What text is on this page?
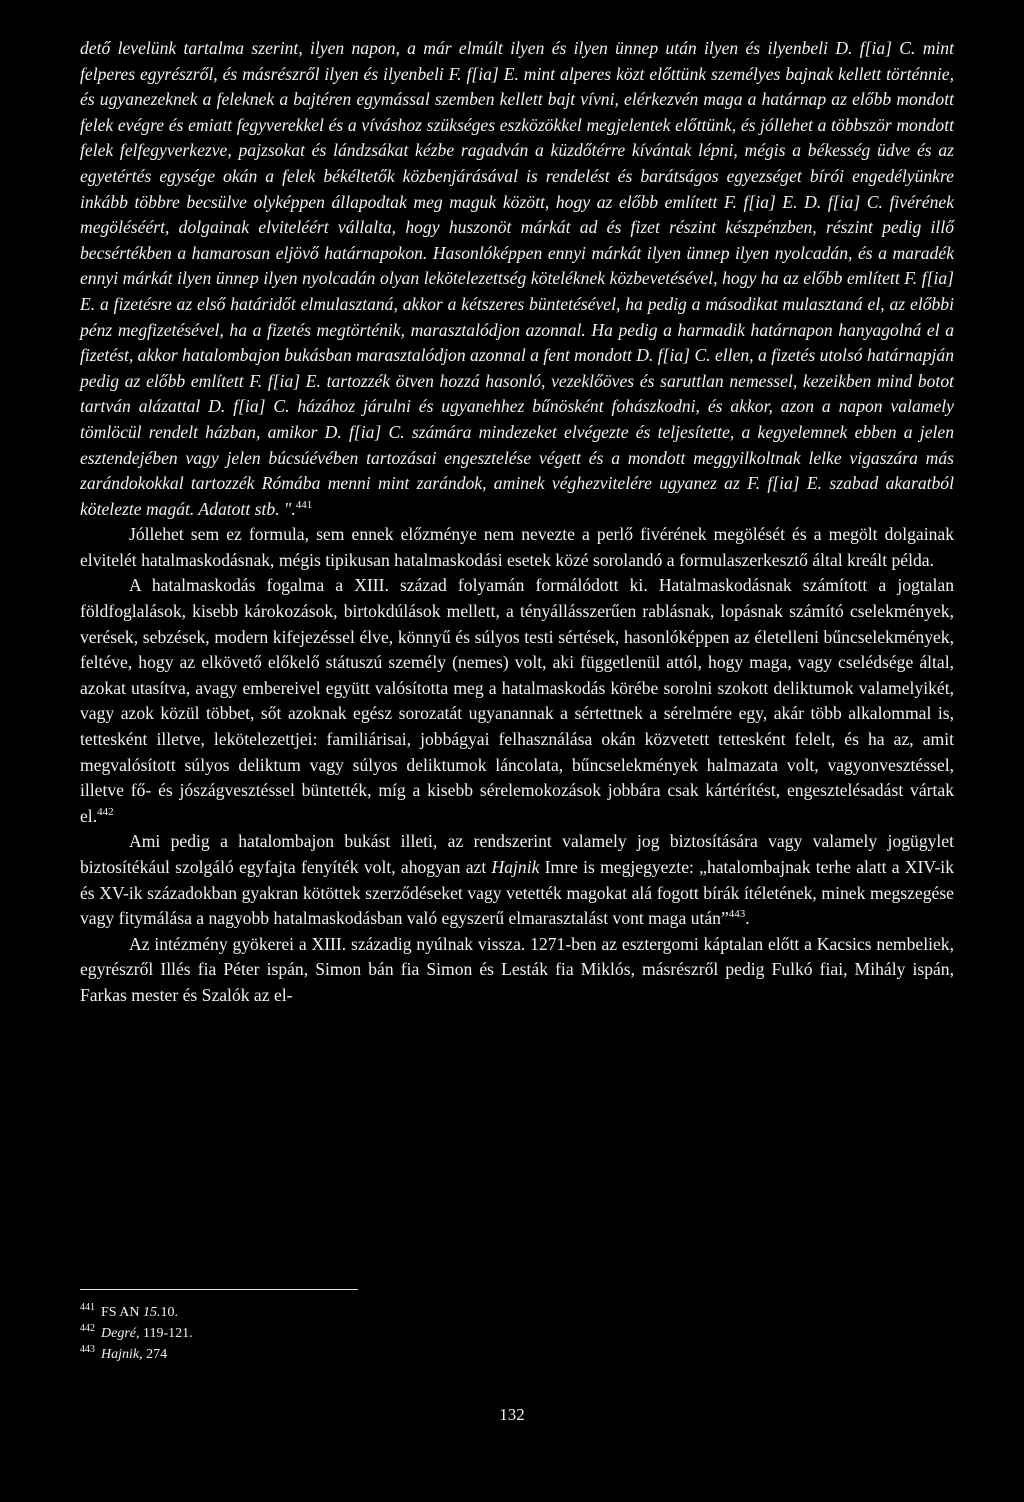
dető levelünk tartalma szerint, ilyen napon, a már elmúlt ilyen és ilyen ünnep után ilyen és ilyenbeli D. f[ia] C. mint felperes egyrészről, és másrészről ilyen és ilyenbeli F. f[ia] E. mint alperes közt előttünk személyes bajnak kellett történnie, és ugyanezeknek a feleknek a bajtéren egymással szemben kellett bajt vívni, elérkezvén maga a határnap az előbb mondott felek evégre és emiatt fegyverekkel és a víváshoz szükséges eszközökkel megjelentek előttünk, és jóllehet a többször mondott felek felfegyverkezve, pajzsokat és lándzsákat kézbe ragadván a küzdőtérre kívántak lépni, mégis a békesség üdve és az egyetértés egysége okán a felek békéltetők közbenjárásával is rendelést és barátságos egyezséget bírói engedélyünkre inkább többre becsülve olyképpen állapodtak meg maguk között, hogy az előbb említett F. f[ia] E. D. f[ia] C. fivérének megöléséért, dolgainak elviteléért vállalta, hogy huszonöt márkát ad és fizet részint készpénzben, részint pedig illő becsértékben a hamarosan eljövő határnapokon. Hasonlóképpen ennyi márkát ilyen ünnep ilyen nyolcadán, és a maradék ennyi márkát ilyen ünnep ilyen nyolcadán olyan lekötelezettség köteléknek közbevetésével, hogy ha az előbb említett F. f[ia] E. a fizetésre az első határidőt elmulasztaná, akkor a kétszeres büntetésével, ha pedig a másodikat mulasztaná el, az előbbi pénz megfizetésével, ha a fizetés megtörténik, marasztalódjon azonnal. Ha pedig a harmadik határnapon hanyagolná el a fizetést, akkor hatalombajon bukásban marasztalódjon azonnal a fent mondott D. f[ia] C. ellen, a fizetés utolsó határnapján pedig az előbb említett F. f[ia] E. tartozzék ötven hozzá hasonló, vezeklőöves és saruttlan nemessel, kezeikben mind botot tartván alázattal D. f[ia] C. házához járulni és ugyanehhez bűnösként fohászkodni, és akkor, azon a napon valamely tömlöcül rendelt házban, amikor D. f[ia] C. számára mindezeket elvégezte és teljesítette, a kegyelemnek ebben a jelen esztendejében vagy jelen búcsúévében tartozásai engesztelése végett és a mondott meggyilkoltnak lelke vigaszára más zarándokokkal tartozzék Rómába menni mint zarándok, aminek véghezvitelére ugyanez az F. f[ia] E. szabad akaratból kötelezte magát. Adatott stb. ".$^{441}$

Jóllehet sem ez formula, sem ennek előzménye nem nevezte a perlő fivérének megölését és a megölt dolgainak elvitelét hatalmaskodásnak, mégis tipikusan hatalmaskodási esetek közé sorolandó a formulaszerkesztő által kreált példa.

A hatalmaskodás fogalma a XIII. század folyamán formálódott ki. Hatalmaskodásnak számított a jogtalan földfoglalások, kisebb károkozások, birtokdúlások mellett, a tényállásszerűen rablásnak, lopásnak számító cselekmények, verések, sebzések, modern kifejezéssel élve, könnyű és súlyos testi sértések, hasonlóképpen az életelleni bűncselekmények, feltéve, hogy az elkövető előkelő státuszú személy (nemes) volt, aki függetlenül attól, hogy maga, vagy cselédsége által, azokat utasítva, avagy embereivel együtt valósította meg a hatalmaskodás körébe sorolni szokott deliktumok valamelyikét, vagy azok közül többet, sőt azoknak egész sorozatát ugyanannak a sértettnek a sérelmére egy, akár több alkalommal is, tettesként illetve, lekötelezettjei: familiárisai, jobbágyai felhasználása okán közvetett tettesként felelt, és ha az, amit megvalósított súlyos deliktum vagy súlyos deliktumok láncolata, bűncselekmények halmazata volt, vagyonvesztéssel, illetve fő- és jószágvesztéssel büntették, míg a kisebb sérelemokozások jobbára csak kártérítést, engesztelésadást vártak el.$^{442}$

Ami pedig a hatalombajon bukást illeti, az rendszerint valamely jog biztosítására vagy valamely jogügylet biztosítékául szolgáló egyfajta fenyíték volt, ahogyan azt Hajnik Imre is megjegyezte: „hatalombajnak terhe alatt a XIV-ik és XV-ik századokban gyakran kötöttek szerződéseket vagy vetették magokat alá fogott bírák ítéletének, minek megszegése vagy fitymálása a nagyobb hatalmaskodásban való egyszerű elmarasztalást vont maga után”$^{443}$.

Az intézmény gyökerei a XIII. századig nyúlnak vissza. 1271-ben az esztergomi káptalan előtt a Kacsics nembeliek, egyrészről Illés fia Péter ispán, Simon bán fia Simon és Lesták fia Miklós, másrészről pedig Fulkó fiai, Mihály ispán, Farkas mester és Szalók az el-

$^{441}$ FS AN 15.10.

$^{442}$ Degré, 119-121.

$^{443}$ Hajnik, 274

132
